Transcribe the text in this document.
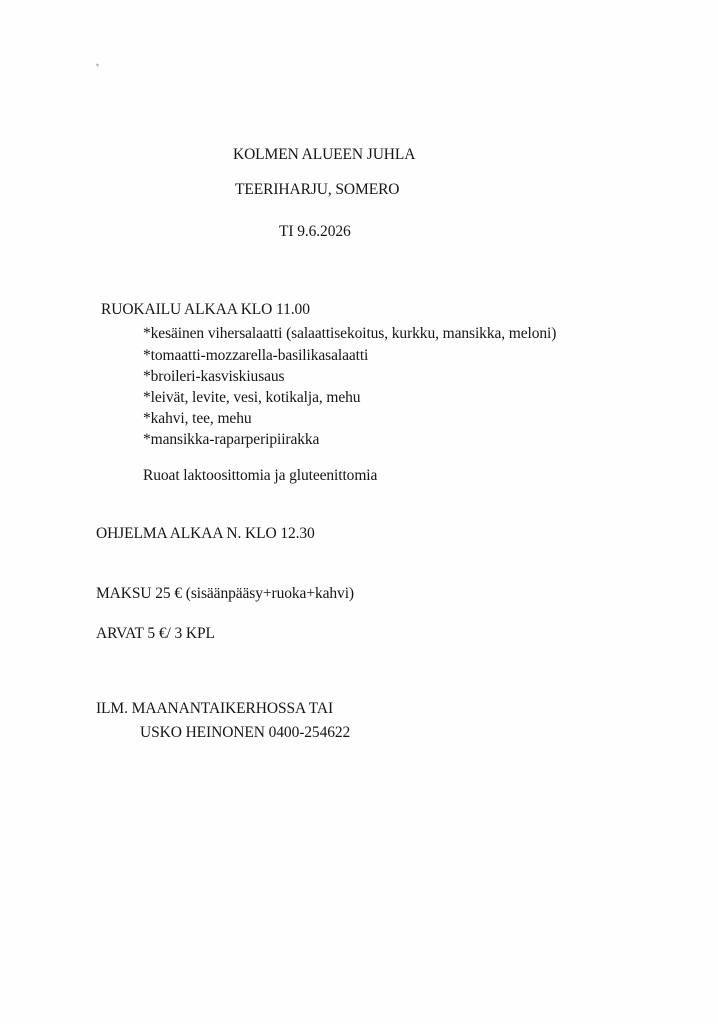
KOLMEN ALUEEN JUHLA
TEERIHARJU, SOMERO
TI 9.6.2026
RUOKAILU ALKAA KLO 11.00
*kesäinen vihersalaatti (salaattisekoitus, kurkku, mansikka, meloni)
*tomaatti-mozzarella-basilikasalaatti
*broileri-kasviskiusaus
*leivät, levite, vesi, kotikalja, mehu
*kahvi, tee, mehu
*mansikka-raparperipiirakka
Ruoat laktoosittomia ja gluteenittomia
OHJELMA ALKAA N. KLO 12.30
MAKSU 25 € (sisäänpääsy+ruoka+kahvi)
ARVAT 5 €/ 3 KPL
ILM. MAANANTAIKERHOSSA TAI
USKO HEINONEN 0400-254622
